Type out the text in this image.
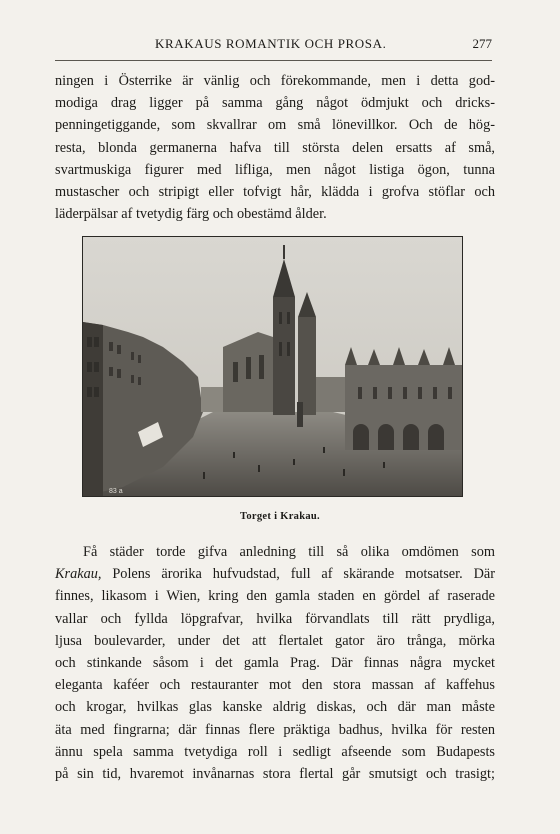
KRAKAUS ROMANTIK OCH PROSA.	277

ningen i Österrike är vänlig och förekommande, men i detta god-
modiga drag ligger på samma gång något ödmjukt och dricks-
penningetiggande, som skvallrar om små lönevillkor. Och de hög-
resta, blonda germanerna hafva till största delen ersatts af små,
svartmuskiga figurer med lifliga, men något listiga ögon, tunna
mustascher och stripigt eller tofvigt hår, klädda i grofva stöflar och
läderpälsar af tvetydig färg och obestämd ålder.

83 a
Torget i Krakau.

Få städer torde gifva anledning till så olika omdömen som
Krakau, Polens ärorika hufvudstad, full af skärande motsatser. Där
finnes, likasom i Wien, kring den gamla staden en gördel af raserade
vallar och fyllda löpgrafvar, hvilka förvandlats till rätt prydliga,
ljusa boulevarder, under det att flertalet gator äro trånga, mörka
och stinkande såsom i det gamla Prag. Där finnas några mycket
eleganta kaféer och restauranter mot den stora massan af kaffehus
och krogar, hvilkas glas kanske aldrig diskas, och där man måste
äta med fingrarna; där finnas flere präktiga badhus, hvilka för resten
ännu spela samma tvetydiga roll i sedligt afseende som Budapests
på sin tid, hvaremot invånarnas stora flertal går smutsigt och trasigt;
